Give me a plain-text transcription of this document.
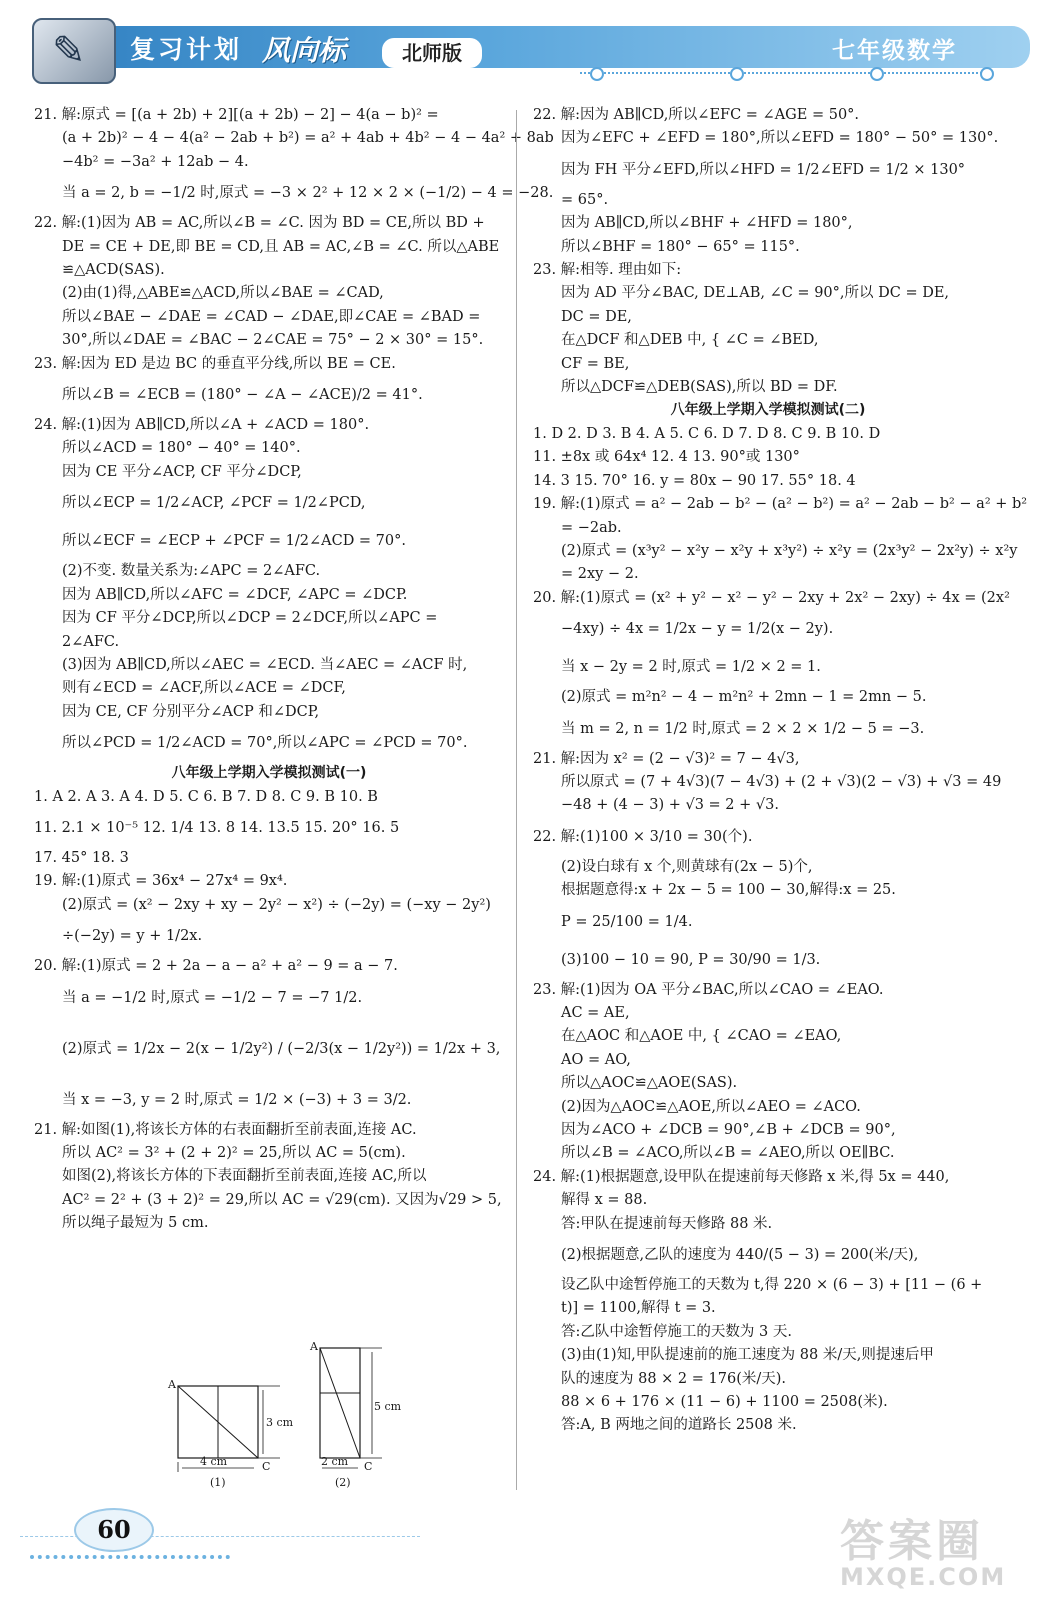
✎ 复习计划 风向标	北师版	七年级数学
21. 解:原式 = [(a + 2b) + 2][(a + 2b) − 2] − 4(a − b)² =
(a + 2b)² − 4 − 4(a² − 2ab + b²) = a² + 4ab + 4b² − 4 − 4a² + 8ab
−4b² = −3a² + 12ab − 4.
当 a = 2, b = −1/2 时,原式 = −3 × 2² + 12 × 2 × (−1/2) − 4 = −28.
22. 解:(1)因为 AB = AC,所以∠B = ∠C. 因为 BD = CE,所以 BD +
DE = CE + DE,即 BE = CD,且 AB = AC,∠B = ∠C. 所以△ABE
≌△ACD(SAS).
(2)由(1)得,△ABE≌△ACD,所以∠BAE = ∠CAD,
所以∠BAE − ∠DAE = ∠CAD − ∠DAE,即∠CAE = ∠BAD =
30°,所以∠DAE = ∠BAC − 2∠CAE = 75° − 2 × 30° = 15°.
23. 解:因为 ED 是边 BC 的垂直平分线,所以 BE = CE.
所以∠B = ∠ECB = (180° − ∠A − ∠ACE)/2 = 41°.
24. 解:(1)因为 AB∥CD,所以∠A + ∠ACD = 180°.
所以∠ACD = 180° − 40° = 140°.
因为 CE 平分∠ACP, CF 平分∠DCP,
所以∠ECP = 1/2∠ACP, ∠PCF = 1/2∠PCD,
所以∠ECF = ∠ECP + ∠PCF = 1/2∠ACD = 70°.
(2)不变. 数量关系为:∠APC = 2∠AFC.
因为 AB∥CD,所以∠AFC = ∠DCF, ∠APC = ∠DCP.
因为 CF 平分∠DCP,所以∠DCP = 2∠DCF,所以∠APC =
2∠AFC.
(3)因为 AB∥CD,所以∠AEC = ∠ECD. 当∠AEC = ∠ACF 时,
则有∠ECD = ∠ACF,所以∠ACE = ∠DCF,
因为 CE, CF 分别平分∠ACP 和∠DCP,
所以∠PCD = 1/2∠ACD = 70°,所以∠APC = ∠PCD = 70°.
八年级上学期入学模拟测试(一)
1. A 2. A 3. A 4. D 5. C 6. B 7. D 8. C 9. B 10. B
11. 2.1 × 10⁻⁵ 12. 1/4 13. 8 14. 13.5 15. 20° 16. 5
17. 45° 18. 3
19. 解:(1)原式 = 36x⁴ − 27x⁴ = 9x⁴.
(2)原式 = (x² − 2xy + xy − 2y² − x²) ÷ (−2y) = (−xy − 2y²)
÷(−2y) = y + 1/2x.
20. 解:(1)原式 = 2 + 2a − a − a² + a² − 9 = a − 7.
当 a = −1/2 时,原式 = −1/2 − 7 = −7 1/2.
(2)原式 = 1/2x − 2(x − 1/2y²) / (−2/3(x − 1/2y²)) = 1/2x + 3,
当 x = −3, y = 2 时,原式 = 1/2 × (−3) + 3 = 3/2.
21. 解:如图(1),将该长方体的右表面翻折至前表面,连接 AC.
所以 AC² = 3² + (2 + 2)² = 25,所以 AC = 5(cm).
如图(2),将该长方体的下表面翻折至前表面,连接 AC,所以
AC² = 2² + (3 + 2)² = 29,所以 AC = √29(cm). 又因为√29 > 5,
所以绳子最短为 5 cm.
22. 解:因为 AB∥CD,所以∠EFC = ∠AGE = 50°.
因为∠EFC + ∠EFD = 180°,所以∠EFD = 180° − 50° = 130°.
因为 FH 平分∠EFD,所以∠HFD = 1/2∠EFD = 1/2 × 130°
= 65°.
因为 AB∥CD,所以∠BHF + ∠HFD = 180°,
所以∠BHF = 180° − 65° = 115°.
23. 解:相等. 理由如下:
因为 AD 平分∠BAC, DE⊥AB, ∠C = 90°,所以 DC = DE,
DC = DE,
在△DCF 和△DEB 中, { ∠C = ∠BED,
CF = BE,
所以△DCF≌△DEB(SAS),所以 BD = DF.
八年级上学期入学模拟测试(二)
1. D 2. D 3. B 4. A 5. C 6. D 7. D 8. C 9. B 10. D
11. ±8x 或 64x⁴ 12. 4 13. 90°或 130°
14. 3 15. 70° 16. y = 80x − 90 17. 55° 18. 4
19. 解:(1)原式 = a² − 2ab − b² − (a² − b²) = a² − 2ab − b² − a² + b²
= −2ab.
(2)原式 = (x³y² − x²y − x²y + x³y²) ÷ x²y = (2x³y² − 2x²y) ÷ x²y
= 2xy − 2.
20. 解:(1)原式 = (x² + y² − x² − y² − 2xy + 2x² − 2xy) ÷ 4x = (2x²
−4xy) ÷ 4x = 1/2x − y = 1/2(x − 2y).
当 x − 2y = 2 时,原式 = 1/2 × 2 = 1.
(2)原式 = m²n² − 4 − m²n² + 2mn − 1 = 2mn − 5.
当 m = 2, n = 1/2 时,原式 = 2 × 2 × 1/2 − 5 = −3.
21. 解:因为 x² = (2 − √3)² = 7 − 4√3,
所以原式 = (7 + 4√3)(7 − 4√3) + (2 + √3)(2 − √3) + √3 = 49
−48 + (4 − 3) + √3 = 2 + √3.
22. 解:(1)100 × 3/10 = 30(个).
(2)设白球有 x 个,则黄球有(2x − 5)个,
根据题意得:x + 2x − 5 = 100 − 30,解得:x = 25.
P = 25/100 = 1/4.
(3)100 − 10 = 90, P = 30/90 = 1/3.
23. 解:(1)因为 OA 平分∠BAC,所以∠CAO = ∠EAO.
AC = AE,
在△AOC 和△AOE 中, { ∠CAO = ∠EAO,
AO = AO,
所以△AOC≌△AOE(SAS).
(2)因为△AOC≌△AOE,所以∠AEO = ∠ACO.
因为∠ACO + ∠DCB = 90°,∠B + ∠DCB = 90°,
所以∠B = ∠ACO,所以∠B = ∠AEO,所以 OE∥BC.
24. 解:(1)根据题意,设甲队在提速前每天修路 x 米,得 5x = 440,
解得 x = 88.
答:甲队在提速前每天修路 88 米.
(2)根据题意,乙队的速度为 440/(5 − 3) = 200(米/天),
设乙队中途暂停施工的天数为 t,得 220 × (6 − 3) + [11 − (6 +
t)] = 1100,解得 t = 3.
答:乙队中途暂停施工的天数为 3 天.
(3)由(1)知,甲队提速前的施工速度为 88 米/天,则提速后甲
队的速度为 88 × 2 = 176(米/天).
88 × 6 + 176 × (11 − 6) + 1100 = 2508(米).
答:A, B 两地之间的道路长 2508 米.
A
C
3 cm
4 cm
(1)
A
C
5 cm
2 cm
(2)
60	答案圈
MXQE.COM
